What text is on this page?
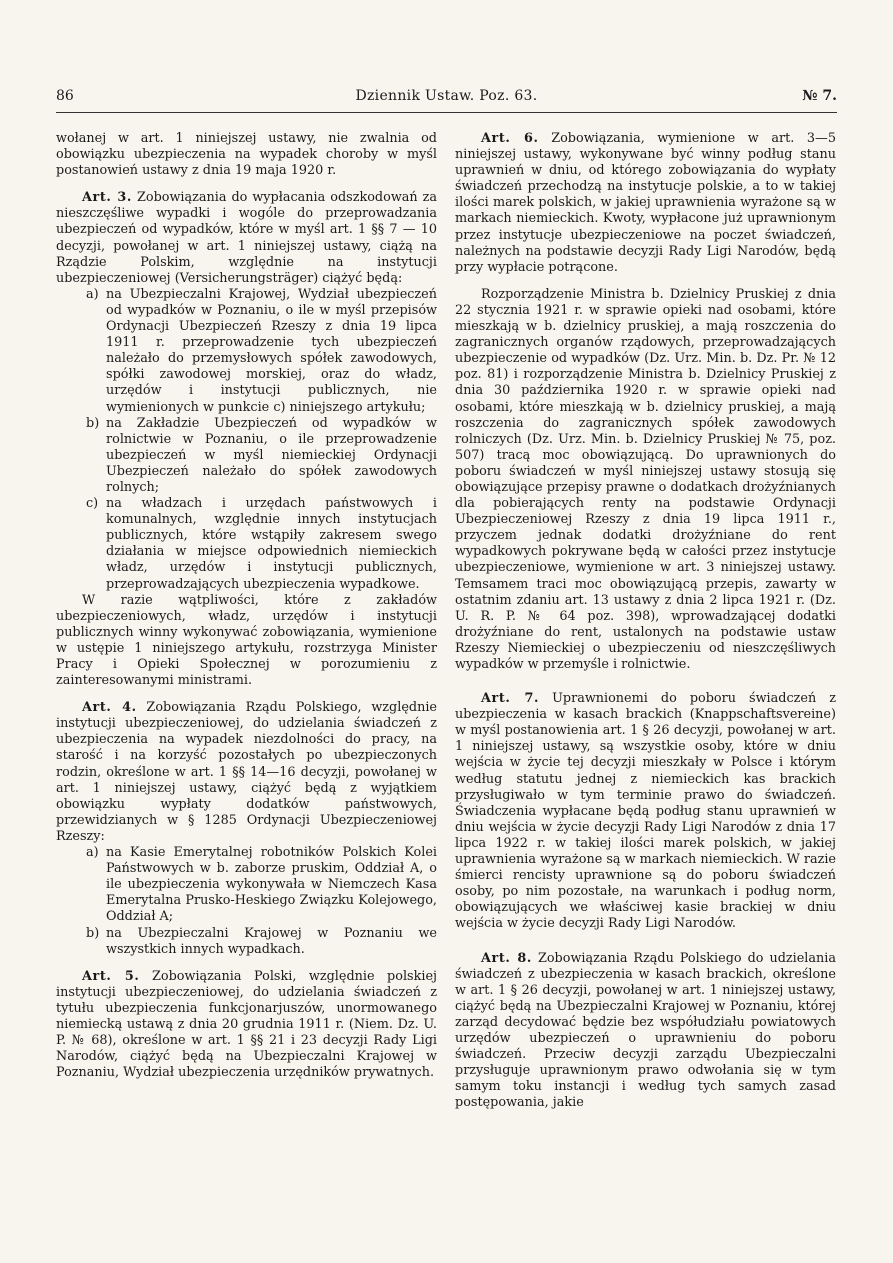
86	Dziennik Ustaw. Poz. 63.	№ 7.

wołanej w art. 1 niniejszej ustawy, nie zwalnia od obowiązku ubezpieczenia na wypadek choroby w myśl postanowień ustawy z dnia 19 maja 1920 r.

Art. 3. Zobowiązania do wypłacania odszkodowań za nieszczęśliwe wypadki i wogóle do przeprowadzania ubezpieczeń od wypadków, które w myśl art. 1 §§ 7 — 10 decyzji, powołanej w art. 1 niniejszej ustawy, ciążą na Rządzie Polskim, względnie na instytucji ubezpieczeniowej (Versicherungsträger) ciążyć będą:

a) na Ubezpieczalni Krajowej, Wydział ubezpieczeń od wypadków w Poznaniu, o ile w myśl przepisów Ordynacji Ubezpieczeń Rzeszy z dnia 19 lipca 1911 r. przeprowadzenie tych ubezpieczeń należało do przemysłowych spółek zawodowych, spółki zawodowej morskiej, oraz do władz, urzędów i instytucji publicznych, nie wymienionych w punkcie c) niniejszego artykułu;
b) na Zakładzie Ubezpieczeń od wypadków w rolnictwie w Poznaniu, o ile przeprowadzenie ubezpieczeń w myśl niemieckiej Ordynacji Ubezpieczeń należało do spółek zawodowych rolnych;
c) na władzach i urzędach państwowych i komunalnych, względnie innych instytucjach publicznych, które wstąpiły zakresem swego działania w miejsce odpowiednich niemieckich władz, urzędów i instytucji publicznych, przeprowadzających ubezpieczenia wypadkowe.

W razie wątpliwości, które z zakładów ubezpieczeniowych, władz, urzędów i instytucji publicznych winny wykonywać zobowiązania, wymienione w ustępie 1 niniejszego artykułu, rozstrzyga Minister Pracy i Opieki Społecznej w porozumieniu z zainteresowanymi ministrami.

Art. 4. Zobowiązania Rządu Polskiego, względnie instytucji ubezpieczeniowej, do udzielania świadczeń z ubezpieczenia na wypadek niezdolności do pracy, na starość i na korzyść pozostałych po ubezpieczonych rodzin, określone w art. 1 §§ 14—16 decyzji, powołanej w art. 1 niniejszej ustawy, ciążyć będą z wyjątkiem obowiązku wypłaty dodatków państwowych, przewidzianych w § 1285 Ordynacji Ubezpieczeniowej Rzeszy:

a) na Kasie Emerytalnej robotników Polskich Kolei Państwowych w b. zaborze pruskim, Oddział A, o ile ubezpieczenia wykonywała w Niemczech Kasa Emerytalna Prusko-Heskiego Związku Kolejowego, Oddział A;
b) na Ubezpieczalni Krajowej w Poznaniu we wszystkich innych wypadkach.

Art. 5. Zobowiązania Polski, względnie polskiej instytucji ubezpieczeniowej, do udzielania świadczeń z tytułu ubezpieczenia funkcjonarjuszów, unormowanego niemiecką ustawą z dnia 20 grudnia 1911 r. (Niem. Dz. U. P. № 68), określone w art. 1 §§ 21 i 23 decyzji Rady Ligi Narodów, ciążyć będą na Ubezpieczalni Krajowej w Poznaniu, Wydział ubezpieczenia urzędników prywatnych.

Art. 6. Zobowiązania, wymienione w art. 3—5 niniejszej ustawy, wykonywane być winny podług stanu uprawnień w dniu, od którego zobowiązania do wypłaty świadczeń przechodzą na instytucje polskie, a to w takiej ilości marek polskich, w jakiej uprawnienia wyrażone są w markach niemieckich. Kwoty, wypłacone już uprawnionym przez instytucje ubezpieczeniowe na poczet świadczeń, należnych na podstawie decyzji Rady Ligi Narodów, będą przy wypłacie potrącone.

Rozporządzenie Ministra b. Dzielnicy Pruskiej z dnia 22 stycznia 1921 r. w sprawie opieki nad osobami, które mieszkają w b. dzielnicy pruskiej, a mają roszczenia do zagranicznych organów rządowych, przeprowadzających ubezpieczenie od wypadków (Dz. Urz. Min. b. Dz. Pr. № 12 poz. 81) i rozporządzenie Ministra b. Dzielnicy Pruskiej z dnia 30 października 1920 r. w sprawie opieki nad osobami, które mieszkają w b. dzielnicy pruskiej, a mają roszczenia do zagranicznych spółek zawodowych rolniczych (Dz. Urz. Min. b. Dzielnicy Pruskiej № 75, poz. 507) tracą moc obowiązującą. Do uprawnionych do poboru świadczeń w myśl niniejszej ustawy stosują się obowiązujące przepisy prawne o dodatkach drożyźnianych dla pobierających renty na podstawie Ordynacji Ubezpieczeniowej Rzeszy z dnia 19 lipca 1911 r., przyczem jednak dodatki drożyźniane do rent wypadkowych pokrywane będą w całości przez instytucje ubezpieczeniowe, wymienione w art. 3 niniejszej ustawy. Temsamem traci moc obowiązującą przepis, zawarty w ostatnim zdaniu art. 13 ustawy z dnia 2 lipca 1921 r. (Dz. U. R. P. № 64 poz. 398), wprowadzającej dodatki drożyźniane do rent, ustalonych na podstawie ustaw Rzeszy Niemieckiej o ubezpieczeniu od nieszczęśliwych wypadków w przemyśle i rolnictwie.

Art. 7. Uprawnionemi do poboru świadczeń z ubezpieczenia w kasach brackich (Knappschaftsvereine) w myśl postanowienia art. 1 § 26 decyzji, powołanej w art. 1 niniejszej ustawy, są wszystkie osoby, które w dniu wejścia w życie tej decyzji mieszkały w Polsce i którym według statutu jednej z niemieckich kas brackich przysługiwało w tym terminie prawo do świadczeń. Świadczenia wypłacane będą podług stanu uprawnień w dniu wejścia w życie decyzji Rady Ligi Narodów z dnia 17 lipca 1922 r. w takiej ilości marek polskich, w jakiej uprawnienia wyrażone są w markach niemieckich. W razie śmierci rencisty uprawnione są do poboru świadczeń osoby, po nim pozostałe, na warunkach i podług norm, obowiązujących we właściwej kasie brackiej w dniu wejścia w życie decyzji Rady Ligi Narodów.

Art. 8. Zobowiązania Rządu Polskiego do udzielania świadczeń z ubezpieczenia w kasach brackich, określone w art. 1 § 26 decyzji, powołanej w art. 1 niniejszej ustawy, ciążyć będą na Ubezpieczalni Krajowej w Poznaniu, której zarząd decydować będzie bez współudziału powiatowych urzędów ubezpieczeń o uprawnieniu do poboru świadczeń. Przeciw decyzji zarządu Ubezpieczalni przysługuje uprawnionym prawo odwołania się w tym samym toku instancji i według tych samych zasad postępowania, jakie
